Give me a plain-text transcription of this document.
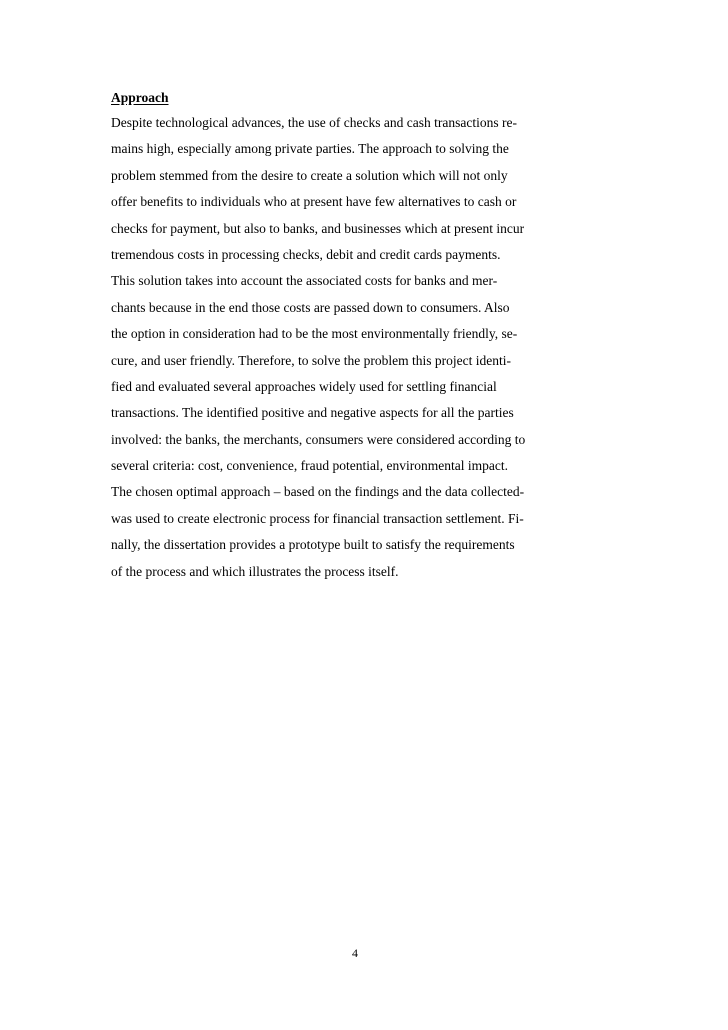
Approach
Despite technological advances, the use of checks and cash transactions re-
mains high, especially among private parties. The approach to solving the
problem stemmed from the desire to create a solution which will not only
offer benefits to individuals who at present have few alternatives to cash or
checks for payment, but also to banks, and businesses which at present incur
tremendous costs in processing checks, debit and credit cards payments.
This solution takes into account the associated costs for banks and mer-
chants because in the end those costs are passed down to consumers. Also
the option in consideration had to be the most environmentally friendly, se-
cure, and user friendly. Therefore, to solve the problem this project identi-
fied and evaluated several approaches widely used for settling financial
transactions. The identified positive and negative aspects for all the parties
involved: the banks, the merchants, consumers were considered according to
several criteria: cost, convenience, fraud potential, environmental impact.
The chosen optimal approach – based on the findings and the data collected-
was used to create electronic process for financial transaction settlement. Fi-
nally, the dissertation provides a prototype built to satisfy the requirements
of the process and which illustrates the process itself.
4
